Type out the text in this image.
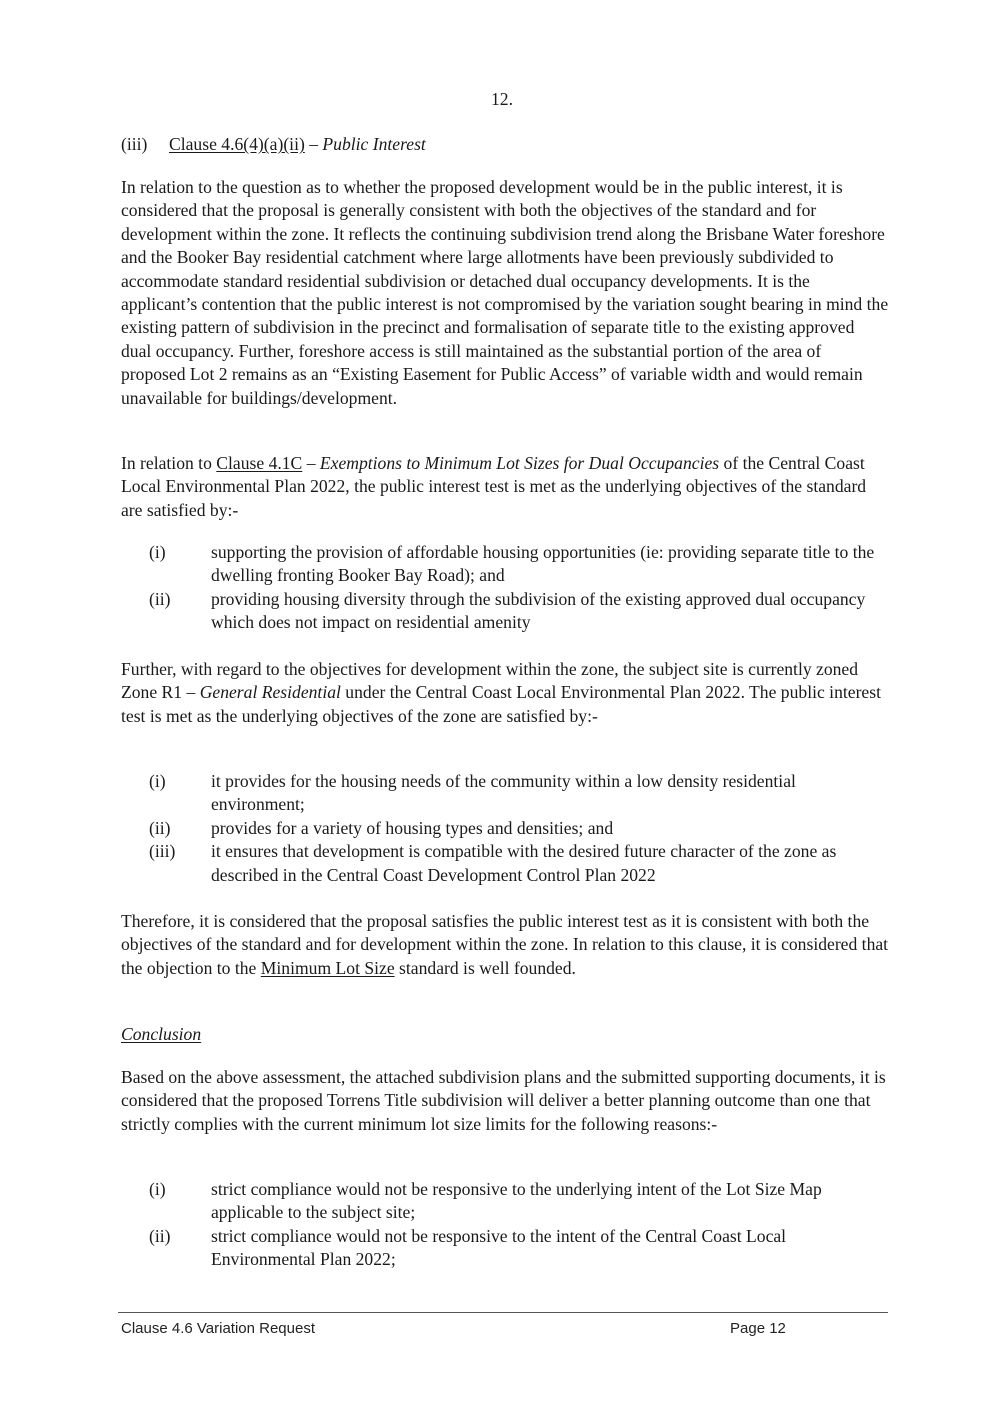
12.
(iii) Clause 4.6(4)(a)(ii) – Public Interest

In relation to the question as to whether the proposed development would be in the public interest, it is considered that the proposal is generally consistent with both the objectives of the standard and for development within the zone. It reflects the continuing subdivision trend along the Brisbane Water foreshore and the Booker Bay residential catchment where large allotments have been previously subdivided to accommodate standard residential subdivision or detached dual occupancy developments. It is the applicant’s contention that the public interest is not compromised by the variation sought bearing in mind the existing pattern of subdivision in the precinct and formalisation of separate title to the existing approved dual occupancy. Further, foreshore access is still maintained as the substantial portion of the area of proposed Lot 2 remains as an “Existing Easement for Public Access” of variable width and would remain unavailable for buildings/development.

In relation to Clause 4.1C – Exemptions to Minimum Lot Sizes for Dual Occupancies of the Central Coast Local Environmental Plan 2022, the public interest test is met as the underlying objectives of the standard are satisfied by:-

(i)	supporting the provision of affordable housing opportunities (ie: providing separate title to the dwelling fronting Booker Bay Road); and
(ii) providing housing diversity through the subdivision of the existing approved dual occupancy which does not impact on residential amenity

Further, with regard to the objectives for development within the zone, the subject site is currently zoned Zone R1 – General Residential under the Central Coast Local Environmental Plan 2022. The public interest test is met as the underlying objectives of the zone are satisfied by:-

(i)	it provides for the housing needs of the community within a low density residential environment;
(ii) provides for a variety of housing types and densities; and
(iii) it ensures that development is compatible with the desired future character of the zone as described in the Central Coast Development Control Plan 2022

Therefore, it is considered that the proposal satisfies the public interest test as it is consistent with both the objectives of the standard and for development within the zone. In relation to this clause, it is considered that the objection to the Minimum Lot Size standard is well founded.

Conclusion

Based on the above assessment, the attached subdivision plans and the submitted supporting documents, it is considered that the proposed Torrens Title subdivision will deliver a better planning outcome than one that strictly complies with the current minimum lot size limits for the following reasons:-

(i)	strict compliance would not be responsive to the underlying intent of the Lot Size Map applicable to the subject site;
(ii) strict compliance would not be responsive to the intent of the Central Coast Local Environmental Plan 2022;
Clause 4.6 Variation Request	Page 12
